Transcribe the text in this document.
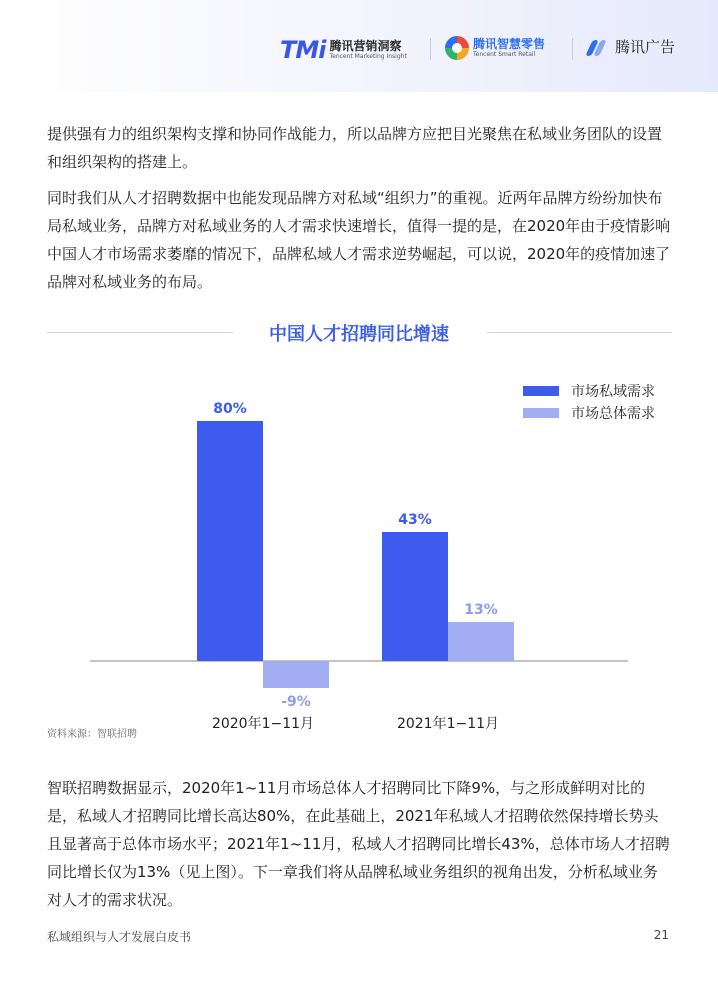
TMi 腾讯营销洞察
Tencent Marketing Insight
腾讯智慧零售
Tencent Smart Retail	腾讯广告

提供强有力的组织架构支撑和协同作战能力，所以品牌方应把目光聚焦在私域业务团队的设置和组织架构的搭建上。

同时我们从人才招聘数据中也能发现品牌方对私域“组织力”的重视。近两年品牌方纷纷加快布局私域业务，品牌方对私域业务的人才需求快速增长，值得一提的是，在2020年由于疫情影响中国人才市场需求萎靡的情况下，品牌私域人才需求逆势崛起，可以说，2020年的疫情加速了品牌对私域业务的布局。

中国人才招聘同比增速
80%
-9%
2020年1−11月
43%
13%
2021年1−11月
市场私域需求
市场总体需求
资料来源：智联招聘

智联招聘数据显示，2020年1~11月市场总体人才招聘同比下降9%，与之形成鲜明对比的是，私域人才招聘同比增长高达80%，在此基础上，2021年私域人才招聘依然保持增长势头且显著高于总体市场水平；2021年1~11月，私域人才招聘同比增长43%，总体市场人才招聘同比增长仅为13%（见上图）。下一章我们将从品牌私域业务组织的视角出发，分析私域业务对人才的需求状况。

私域组织与人才发展白皮书	21
